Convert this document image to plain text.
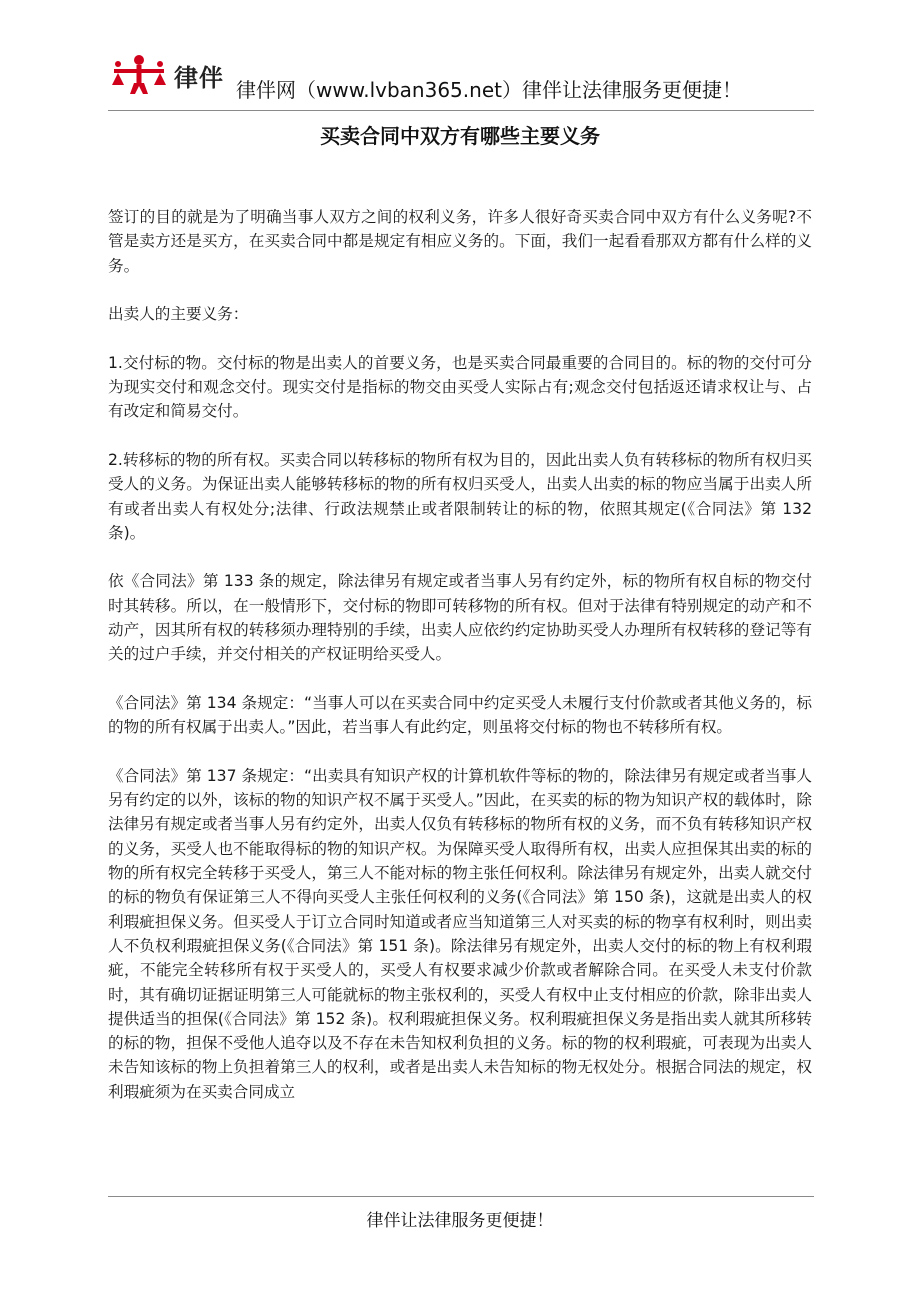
律伴 律伴网（www.lvban365.net）律伴让法律服务更便捷！
买卖合同中双方有哪些主要义务

签订的目的就是为了明确当事人双方之间的权利义务，许多人很好奇买卖合同中双方有什么义务呢?不管是卖方还是买方，在买卖合同中都是规定有相应义务的。下面，我们一起看看那双方都有什么样的义务。

出卖人的主要义务：

1.交付标的物。交付标的物是出卖人的首要义务，也是买卖合同最重要的合同目的。标的物的交付可分为现实交付和观念交付。现实交付是指标的物交由买受人实际占有;观念交付包括返还请求权让与、占有改定和简易交付。

2.转移标的物的所有权。买卖合同以转移标的物所有权为目的，因此出卖人负有转移标的物所有权归买受人的义务。为保证出卖人能够转移标的物的所有权归买受人，出卖人出卖的标的物应当属于出卖人所有或者出卖人有权处分;法律、行政法规禁止或者限制转让的标的物，依照其规定(《合同法》第 132 条)。

依《合同法》第 133 条的规定，除法律另有规定或者当事人另有约定外，标的物所有权自标的物交付时其转移。所以，在一般情形下，交付标的物即可转移物的所有权。但对于法律有特别规定的动产和不动产，因其所有权的转移须办理特别的手续，出卖人应依约约定协助买受人办理所有权转移的登记等有关的过户手续，并交付相关的产权证明给买受人。

《合同法》第 134 条规定：“当事人可以在买卖合同中约定买受人未履行支付价款或者其他义务的，标的物的所有权属于出卖人。”因此，若当事人有此约定，则虽将交付标的物也不转移所有权。

《合同法》第 137 条规定：“出卖具有知识产权的计算机软件等标的物的，除法律另有规定或者当事人另有约定的以外，该标的物的知识产权不属于买受人。”因此，在买卖的标的物为知识产权的载体时，除法律另有规定或者当事人另有约定外，出卖人仅负有转移标的物所有权的义务，而不负有转移知识产权的义务，买受人也不能取得标的物的知识产权。为保障买受人取得所有权，出卖人应担保其出卖的标的物的所有权完全转移于买受人，第三人不能对标的物主张任何权利。除法律另有规定外，出卖人就交付的标的物负有保证第三人不得向买受人主张任何权利的义务(《合同法》第 150 条)，这就是出卖人的权利瑕疵担保义务。但买受人于订立合同时知道或者应当知道第三人对买卖的标的物享有权利时，则出卖人不负权利瑕疵担保义务(《合同法》第 151 条)。除法律另有规定外，出卖人交付的标的物上有权利瑕疵，不能完全转移所有权于买受人的，买受人有权要求减少价款或者解除合同。在买受人未支付价款时，其有确切证据证明第三人可能就标的物主张权利的，买受人有权中止支付相应的价款，除非出卖人提供适当的担保(《合同法》第 152 条)。权利瑕疵担保义务。权利瑕疵担保义务是指出卖人就其所移转的标的物，担保不受他人追夺以及不存在未告知权利负担的义务。标的物的权利瑕疵，可表现为出卖人未告知该标的物上负担着第三人的权利，或者是出卖人未告知标的物无权处分。根据合同法的规定，权利瑕疵须为在买卖合同成立

律伴让法律服务更便捷！
